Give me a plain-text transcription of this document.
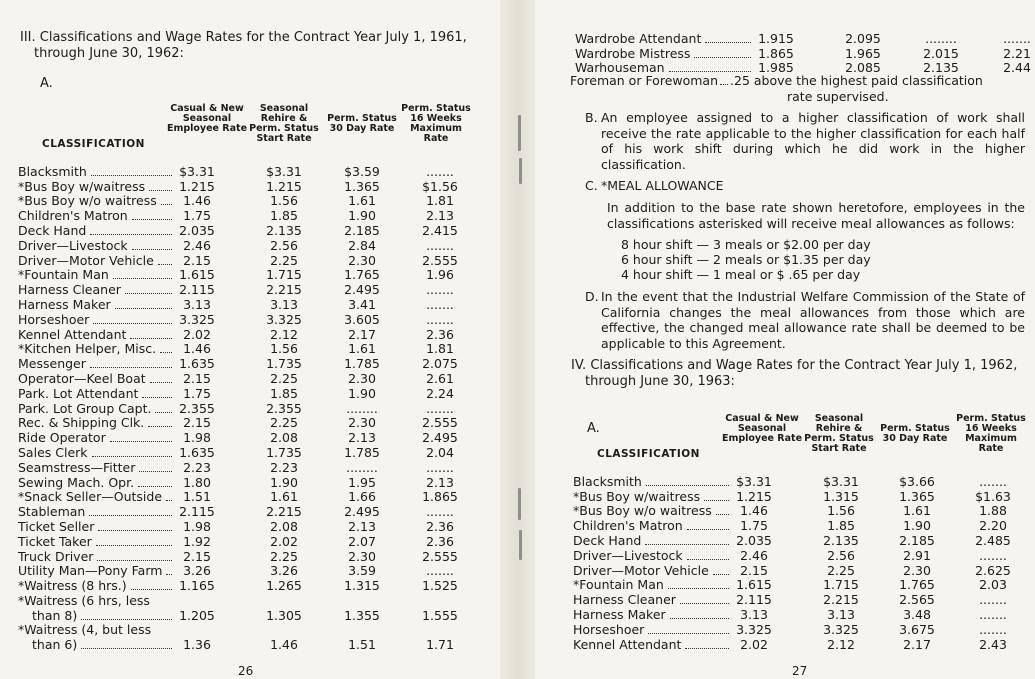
III. Classifications and Wage Rates for the Contract Year July 1, 1961,
through June 30, 1962:
A.
CLASSIFICATION
Casual & New Seasonal Employee Rate
Seasonal Rehire & Perm. Status Start Rate
Perm. Status 30 Day Rate
Perm. Status 16 Weeks Maximum Rate
Blacksmith	$3.31	$3.31	$3.59	.......
*Bus Boy w/waitress	1.215	1.215	1.365	$1.56
*Bus Boy w/o waitress	1.46	1.56	1.61	1.81
Children's Matron	1.75	1.85	1.90	2.13
Deck Hand	2.035	2.135	2.185	2.415
Driver—Livestock	2.46	2.56	2.84	.......
Driver—Motor Vehicle	2.15	2.25	2.30	2.555
*Fountain Man	1.615	1.715	1.765	1.96
Harness Cleaner	2.115	2.215	2.495	.......
Harness Maker	3.13	3.13	3.41	.......
Horseshoer	3.325	3.325	3.605	.......
Kennel Attendant	2.02	2.12	2.17	2.36
*Kitchen Helper, Misc.	1.46	1.56	1.61	1.81
Messenger	1.635	1.735	1.785	2.075
Operator—Keel Boat	2.15	2.25	2.30	2.61
Park. Lot Attendant	1.75	1.85	1.90	2.24
Park. Lot Group Capt.	2.355	2.355	........	.......
Rec. & Shipping Clk.	2.15	2.25	2.30	2.555
Ride Operator	1.98	2.08	2.13	2.495
Sales Clerk	1.635	1.735	1.785	2.04
Seamstress—Fitter	2.23	2.23	........	.......
Sewing Mach. Opr.	1.80	1.90	1.95	2.13
*Snack Seller—Outside	1.51	1.61	1.66	1.865
Stableman	2.115	2.215	2.495	.......
Ticket Seller	1.98	2.08	2.13	2.36
Ticket Taker	1.92	2.02	2.07	2.36
Truck Driver	2.15	2.25	2.30	2.555
Utility Man—Pony Farm	3.26	3.26	3.59	.......
*Waitress (8 hrs.)	1.165	1.265	1.315	1.525
*Waitress (6 hrs, less
than 8)	1.205	1.305	1.355	1.555
*Waitress (4, but less
than 6)	1.36	1.46	1.51	1.71
26
Wardrobe Attendant	1.915	2.095	........	.......
Wardrobe Mistress	1.865	1.965	2.015	2.21
Warhouseman	1.985	2.085	2.135	2.44
Foreman or Forewoman .25 above the highest paid classification
rate supervised.
B. An employee assigned to a higher classification of work shall receive the rate applicable to the higher classification for each half of his work shift during which he did work in the higher classification.
C. *MEAL ALLOWANCE
In addition to the base rate shown heretofore, employees in the classifications asterisked will receive meal allowances as follows:
8 hour shift — 3 meals or $2.00 per day
6 hour shift — 2 meals or $1.35 per day
4 hour shift — 1 meal or $ .65 per day
D. In the event that the Industrial Welfare Commission of the State of California changes the meal allowances from those which are effective, the changed meal allowance rate shall be deemed to be applicable to this Agreement.
IV. Classifications and Wage Rates for the Contract Year July 1, 1962,
through June 30, 1963:
A.
CLASSIFICATION
Casual & New Seasonal Employee Rate
Seasonal Rehire & Perm. Status Start Rate
Perm. Status 30 Day Rate
Perm. Status 16 Weeks Maximum Rate
Blacksmith	$3.31	$3.31	$3.66	.......
*Bus Boy w/waitress	1.215	1.315	1.365	$1.63
*Bus Boy w/o waitress	1.46	1.56	1.61	1.88
Children's Matron	1.75	1.85	1.90	2.20
Deck Hand	2.035	2.135	2.185	2.485
Driver—Livestock	2.46	2.56	2.91	.......
Driver—Motor Vehicle	2.15	2.25	2.30	2.625
*Fountain Man	1.615	1.715	1.765	2.03
Harness Cleaner	2.115	2.215	2.565	.......
Harness Maker	3.13	3.13	3.48	.......
Horseshoer	3.325	3.325	3.675	.......
Kennel Attendant	2.02	2.12	2.17	2.43
27
